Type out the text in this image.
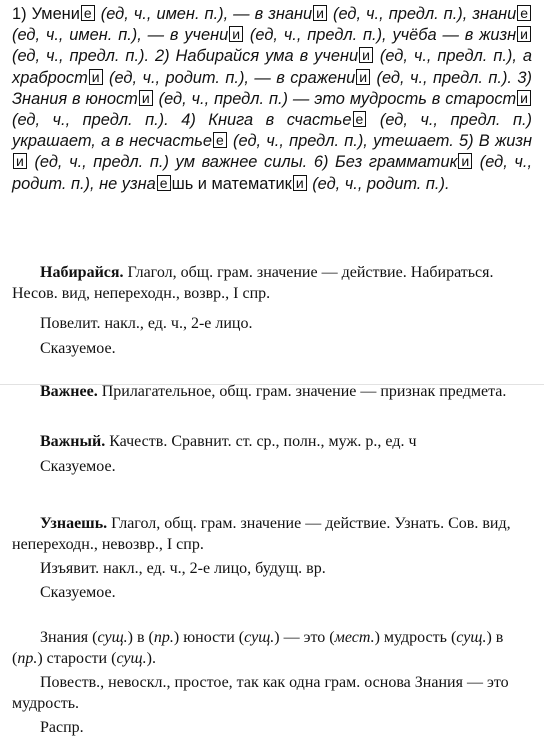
1) Умени е (ед, ч., имен. п.), — в знани и (ед, ч., предл. п.), знани е (ед, ч., имен. п.), — в учени и (ед, ч., предл. п.), учёба — в жизн и (ед, ч., предл. п.). 2) Набирайся ума в учени и (ед, ч., предл. п.), а храброст и (ед, ч., родит. п.), — в сражени и (ед, ч., предл. п.). 3) Знания в юност и (ед, ч., предл. п.) — это мудрость в старост и (ед, ч., предл. п.). 4) Книга в счастье е (ед, ч., предл. п.) украшает, а в несчастье е (ед, ч., предл. п.), утешает. 5) В жизни (ед, ч., предл. п.) ум важнее силы. 6) Без грамматик и (ед, ч., родит. п.), не узна е шь и математик и (ед, ч., родит. п.).

Набирайся. Глагол, общ. грам. значение — действие. Набираться. Несов. вид, непереходн., возвр., I спр.

Повелит. накл., ед. ч., 2-е лицо.

Сказуемое.

Важнее. Прилагательное, общ. грам. значение — признак предмета.

Важный. Качеств. Сравнит. ст. ср., полн., муж. р., ед. ч

Сказуемое.

Узнаешь. Глагол, общ. грам. значение — действие. Узнать. Сов. вид, непереходн., невозвр., I спр.

Изъявит. накл., ед. ч., 2-е лицо, будущ. вр.

Сказуемое.

Знания (сущ.) в (пр.) юности (сущ.) — это (мест.) мудрость (сущ.) в (пр.) старости (сущ.).

Повеств., невоскл., простое, так как одна грам. основа Знания — это мудрость.

Распр.
